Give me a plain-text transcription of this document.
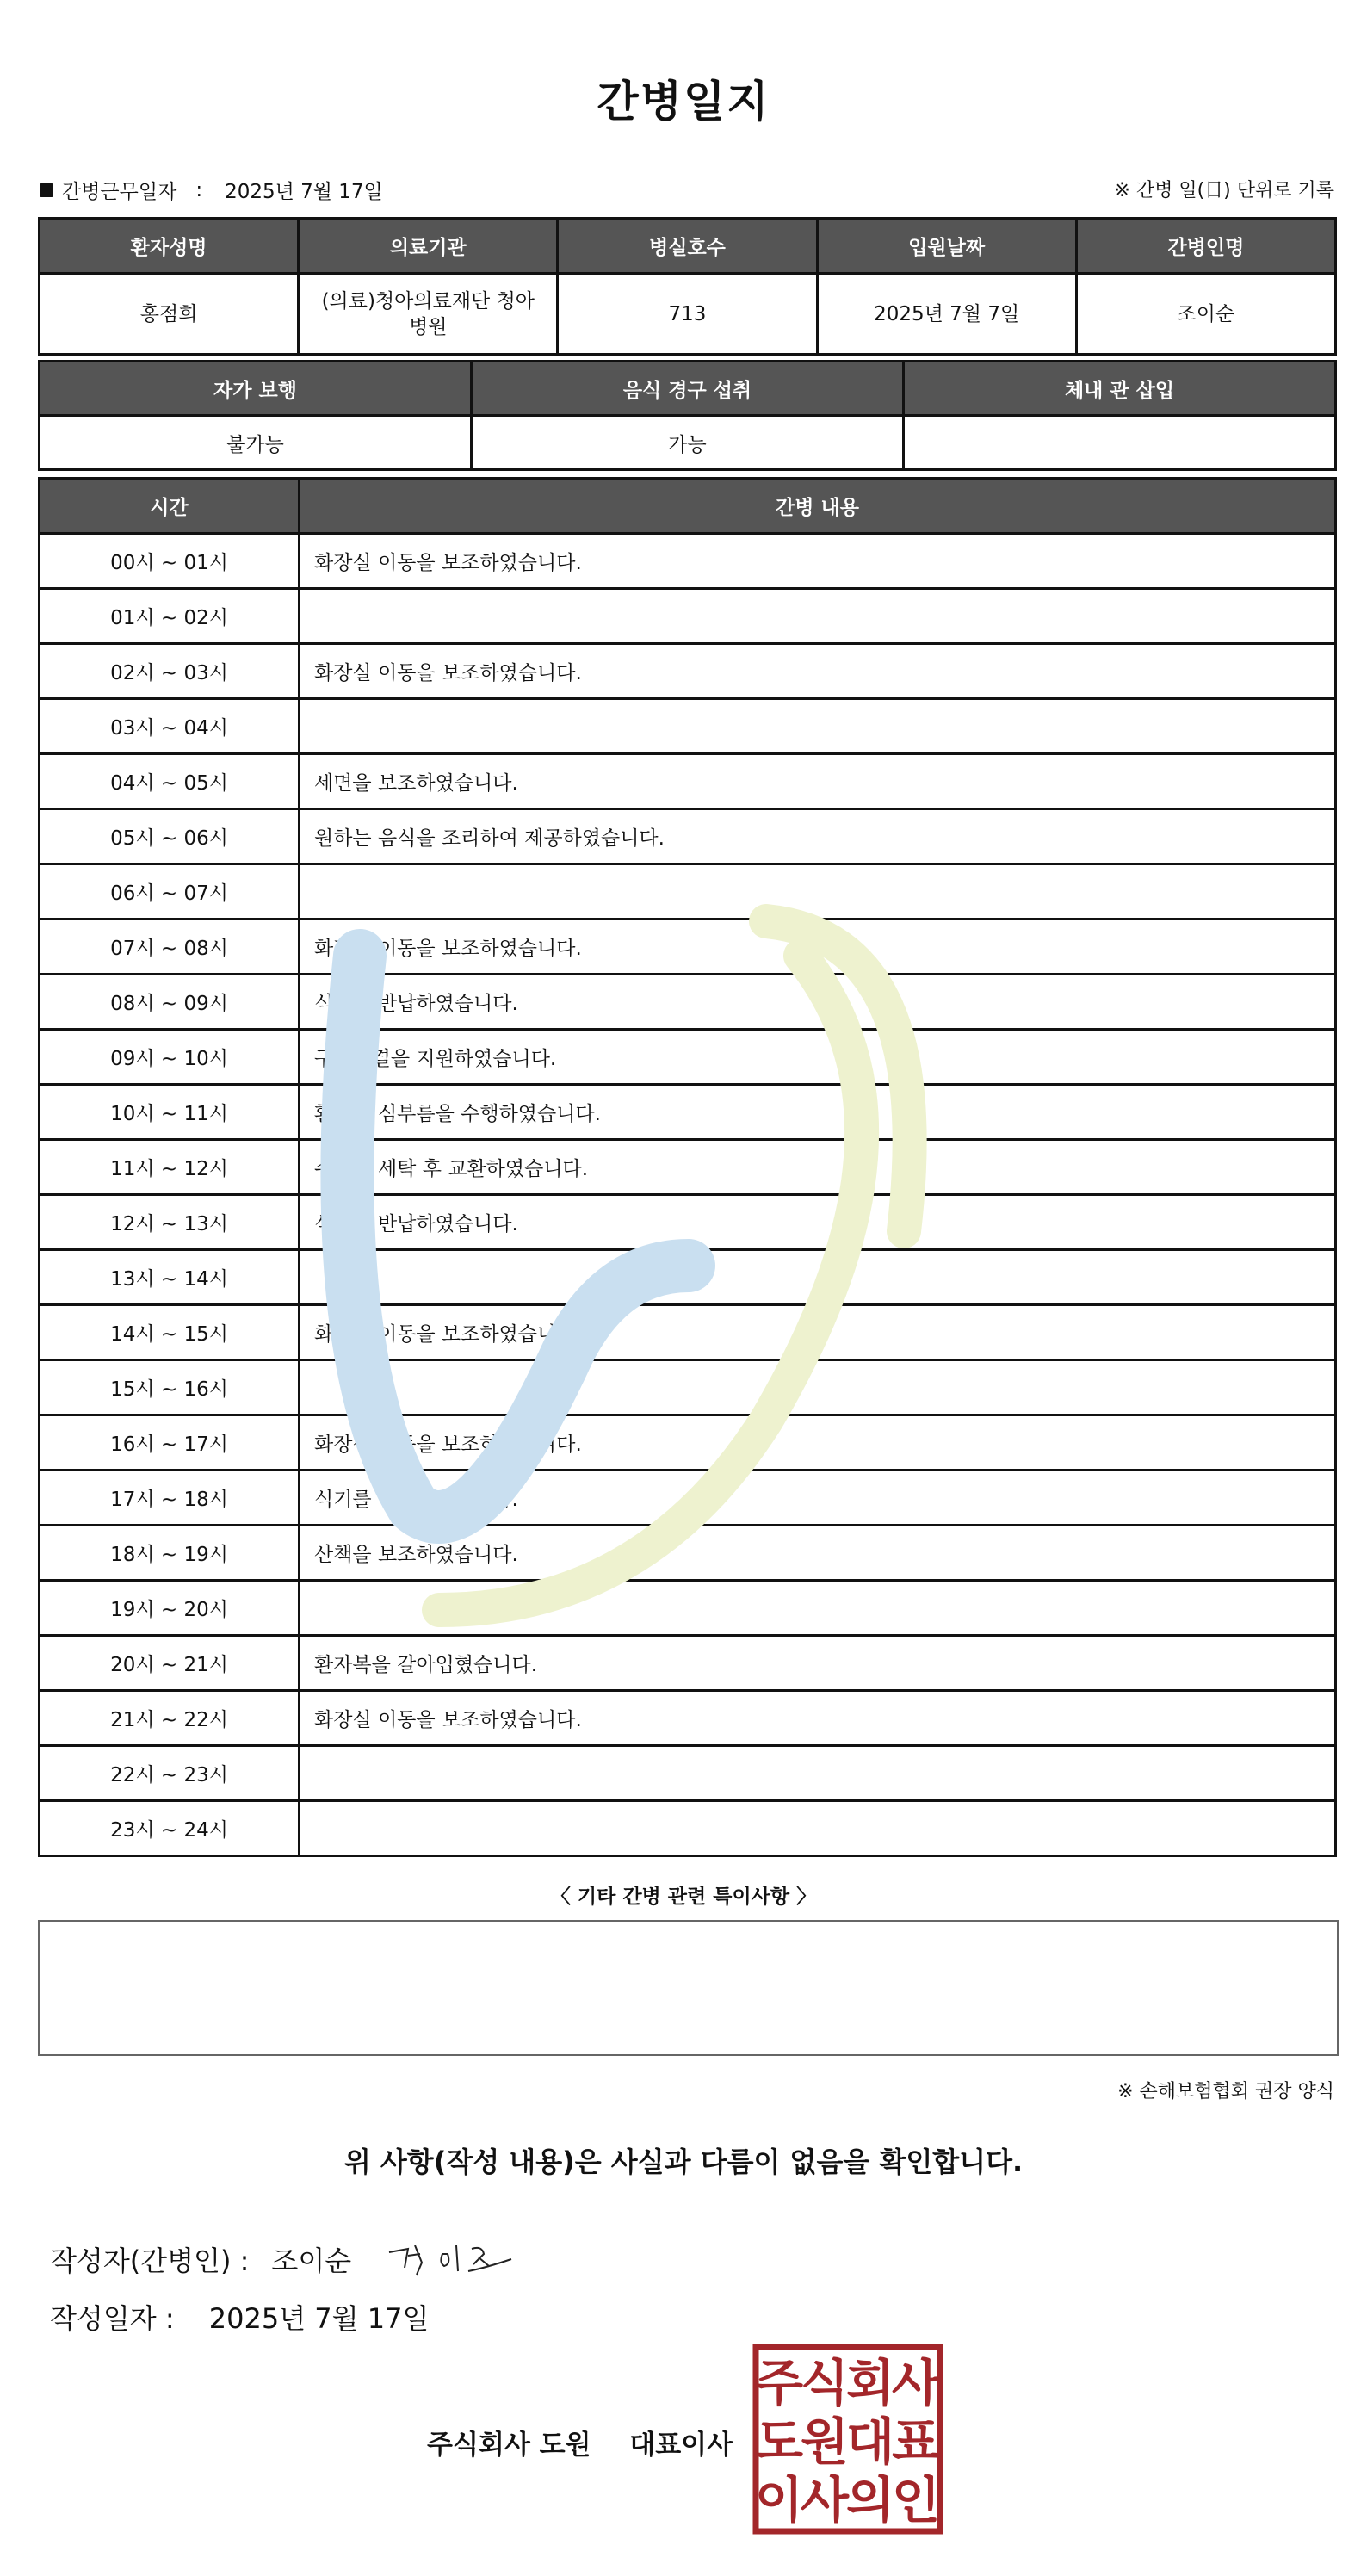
간병일지
간병근무일자 : 2025년 7월 17일	※ 간병 일(日) 단위로 기록
환자성명	의료기관	병실호수	입원날짜	간병인명
홍점희	(의료)청아의료재단 청아 병원	713	2025년 7월 7일	조이순
자가 보행	음식 경구 섭취	체내 관 삽입
불가능	가능	
시간	간병 내용
00시 ~ 01시	화장실 이동을 보조하였습니다.
01시 ~ 02시	
02시 ~ 03시	화장실 이동을 보조하였습니다.
03시 ~ 04시	
04시 ~ 05시	세면을 보조하였습니다.
05시 ~ 06시	원하는 음식을 조리하여 제공하였습니다.
06시 ~ 07시	
07시 ~ 08시	화장실 이동을 보조하였습니다.
08시 ~ 09시	식기를 반납하였습니다.
09시 ~ 10시	구강청결을 지원하였습니다.
10시 ~ 11시	환자의 심부름을 수행하였습니다.
11시 ~ 12시	수건을 세탁 후 교환하였습니다.
12시 ~ 13시	식기를 반납하였습니다.
13시 ~ 14시	
14시 ~ 15시	화장실 이동을 보조하였습니다.
15시 ~ 16시	
16시 ~ 17시	화장실 이동을 보조하였습니다.
17시 ~ 18시	식기를 반납하였습니다.
18시 ~ 19시	산책을 보조하였습니다.
19시 ~ 20시	
20시 ~ 21시	환자복을 갈아입혔습니다.
21시 ~ 22시	화장실 이동을 보조하였습니다.
22시 ~ 23시	
23시 ~ 24시	
〈 기타 간병 관련 특이사항 〉
※ 손해보험협회 권장 양식
위 사항(작성 내용)은 사실과 다름이 없음을 확인합니다.
작성자(간병인) : 조이순
작성일자 : 2025년 7월 17일
주식회사 도원 대표이사
주
식
회
사
도
원
대
표
이
사
의
인
